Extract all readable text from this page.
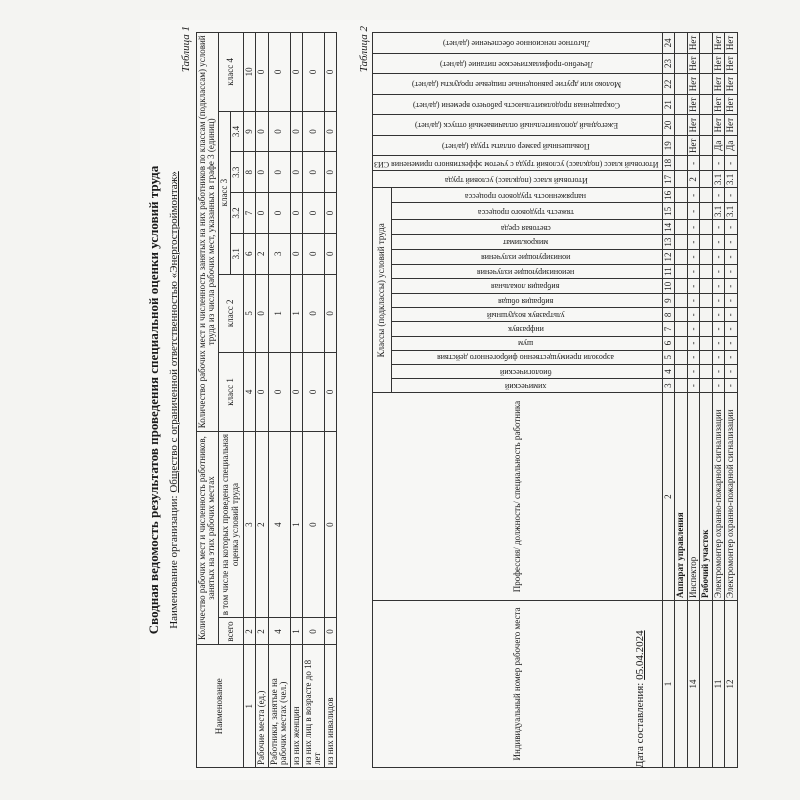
Сводная ведомость результатов проведения специальной оценки условий труда Наименование организации: Общество с ограниченной ответственностью «Энергостроймонтаж»
Таблица 1
Наименование	Количество рабочих мест и численность работников, занятых на этих рабочих местах		Количество рабочих мест и численность занятых на них работников по классам (подклассам) условий труда из числа рабочих мест, указанных в графе 3 (единиц)						
	всего	в том числе на которых проведена специальная оценка условий труда	класс 1	класс 2	класс 3				класс 4
					3.1	3.2	3.3	3.4	
1	2	3	4	5	6	7	8	9	10
Рабочие места (ед.)	2	2	0	0	2	0	0	0	0
Работники, занятые на рабочих местах (чел.)	4	4	0	1	3	0	0	0	0
из них женщин	1	1	0	1	0	0	0	0	0
из них лиц в возрасте до 18 лет	0	0	0	0	0	0	0	0	0
из них инвалидов	0	0	0	0	0	0	0	0	0 Таблица 2
Индивидуальный номер рабочего места	Профессия/ должность/ специальность работника	Классы (подклассы) условий труда														Итоговый класс (подкласс) условий труда	Итоговый класс (подкласс) условий труда с учетом эффективного применения СИЗ	Повышенный размер оплаты труда (да/нет)	Ежегодный дополнительный оплачиваемый отпуск (да/нет)	Сокращенная продолжительность рабочего времени (да/нет)	Молоко или другие равноценные пищевые продукты (да/нет)	Лечебно-профилактическое питание (да/нет)	Льготное пенсионное обеспечение (да/нет)
		химический	биологический	аэрозоли преимущественно фиброгенного действия	шум	инфразвук	ультразвук воздушный	вибрация общая	вибрация локальная	неионизирующие излучения	ионизирующие излучения	микроклимат	световая среда	тяжесть трудового процесса	напряженность трудового процесса								
1	2	3	4	5	6	7	8	9	10	11	12	13	14	15	16	17	18	19	20	21	22	23	24
	Аппарат управления																						
14	Инспектор	-	-	-	-	-	-	-	-	-	-	-	-	-	-	2	-	Нет	Нет	Нет	Нет	Нет	Нет
	Рабочий участок																						
11	Электромонтер охранно-пожарной сигнализации	-	-	-	-	-	-	-	-	-	-	-	-	3.1	-	3.1	-	Да	Нет	Нет	Нет	Нет	Нет
12	Электромонтер охранно-пожарной сигнализации	-	-	-	-	-	-	-	-	-	-	-	-	3.1	-	3.1	-	Да	Нет	Нет	Нет	Нет	Нет
Дата составления: 05.04.2024
